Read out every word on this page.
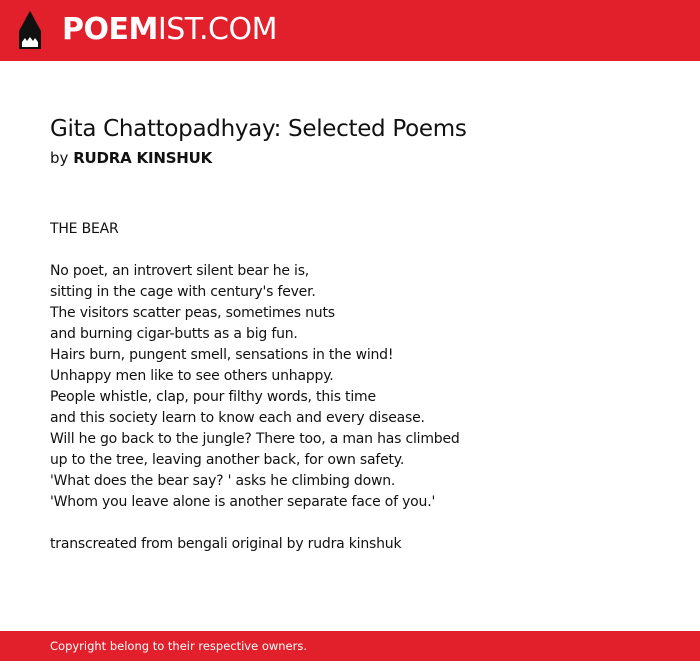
POEMIST.COM
Gita Chattopadhyay: Selected Poems
by RUDRA KINSHUK
THE BEAR
No poet, an introvert silent bear he is,
sitting in the cage with century's fever.
The visitors scatter peas, sometimes nuts
and burning cigar-butts as a big fun.
Hairs burn, pungent smell, sensations in the wind!
Unhappy men like to see others unhappy.
People whistle, clap, pour filthy words, this time
and this society learn to know each and every disease.
Will he go back to the jungle? There too, a man has climbed
up to the tree, leaving another back, for own safety.
'What does the bear say? ' asks he climbing down.
'Whom you leave alone is another separate face of you.'
transcreated from bengali original by rudra kinshuk
Copyright belong to their respective owners.
